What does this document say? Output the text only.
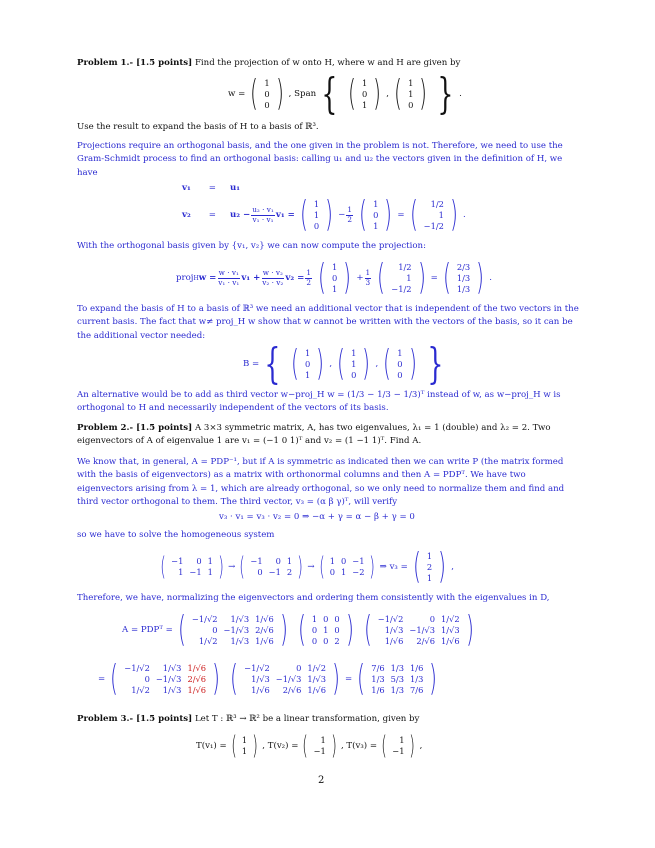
Problem 1.- [1.5 points] Find the projection of w onto H, where w and H are given by
w = ( 1
0
0 ) , Span { ( 1
0
1 ) , ( 1
1
0 ) } .
Use the result to expand the basis of H to a basis of ℝ³.
Projections require an orthogonal basis, and the one given in the problem is not. Therefore, we need to use the Gram-Schmidt process to find an orthogonal basis: calling u₁ and u₂ the vectors given in the definition of H, we have
v₁ = u₁
$v_2 = u_2 - \frac{\text{u₂ · v₁}}{\text{v₁ · v₁}} v_1$ = ( 1
1
0 ) − $\frac{1}{2}$ ( 1
0
1 ) = ( 1/2
1
−1/2 ) .
With the orthogonal basis given by {v₁, v₂} we can now compute the projection:
proj H $w = \frac{\text{w · v₁}}{\text{v₁ · v₁}} v_1 + \frac{\text{w · v₂}}{\text{v₂ · v₂}} v_2 = \frac{1}{2}$ ( 1
0
1 ) + $\frac{1}{3}$ ( 1/2
1
−1/2 ) = ( 2/3
1/3
1/3 ) .
To expand the basis of H to a basis of ℝ³ we need an additional vector that is independent of the two vectors in the current basis. The fact that w≠ proj_H w show that w cannot be written with the vectors of the basis, so it can be the additional vector needed:
B = { ( 1
0
1 ) , ( 1
1
0 ) , ( 1
0
0 ) }
An alternative would be to add as third vector w−proj_H w = (1/3 − 1/3 − 1/3)ᵀ instead of w, as w−proj_H w is orthogonal to H and necessarily independent of the vectors of its basis.
Problem 2.- [1.5 points] A 3×3 symmetric matrix, A, has two eigenvalues, λ₁ = 1 (double) and λ₂ = 2. Two eigenvectors of A of eigenvalue 1 are v₁ = (−1 0 1)ᵀ and v₂ = (1 −1 1)ᵀ. Find A.
We know that, in general, A = PDP⁻¹, but if A is symmetric as indicated then we can write P (the matrix formed with the basis of eigenvectors) as a matrix with orthonormal columns and then A = PDPᵀ. We have two eigenvectors arising from λ = 1, which are already orthogonal, so we only need to normalize them and find and third vector orthogonal to them. The third vector, v₃ = (α β γ)ᵀ, will verify
v₃ · v₁ = v₃ · v₂ = 0 ⇒ −α + γ = α − β + γ = 0
so we have to solve the homogeneous system
( −1	0	1
1	−1	1 ) → ( −1	0	1
0	−1	2 ) → ( 1	0	−1
0	1	−2 ) ⇒ v₃ = ( 1
2
1 ) ,
Therefore, we have, normalizing the eigenvectors and ordering them consistently with the eigenvalues in D,
A = PDPᵀ = ( −1/√2	1/√3	1/√6
0	−1/√3	2/√6
1/√2	1/√3	1/√6 ) ( 1	0	0
0	1	0
0	0	2 ) ( −1/√2	0	1/√2
1/√3	−1/√3	1/√3
1/√6	2/√6	1/√6 )
= ( −1/√2	1/√3	1/√6
0	−1/√3	2/√6
1/√2	1/√3	1/√6 ) ( −1/√2	0	1/√2
1/√3	−1/√3	1/√3
1/√6	2/√6	1/√6 ) = ( 7/6	1/3	1/6
1/3	5/3	1/3
1/6	1/3	7/6 )
Problem 3.- [1.5 points] Let T : ℝ³ → ℝ² be a linear transformation, given by
T(v₁) = ( 1
1 ) , T(v₂) = ( 1
−1 ) , T(v₃) = ( 1
−1 ) ,
2
